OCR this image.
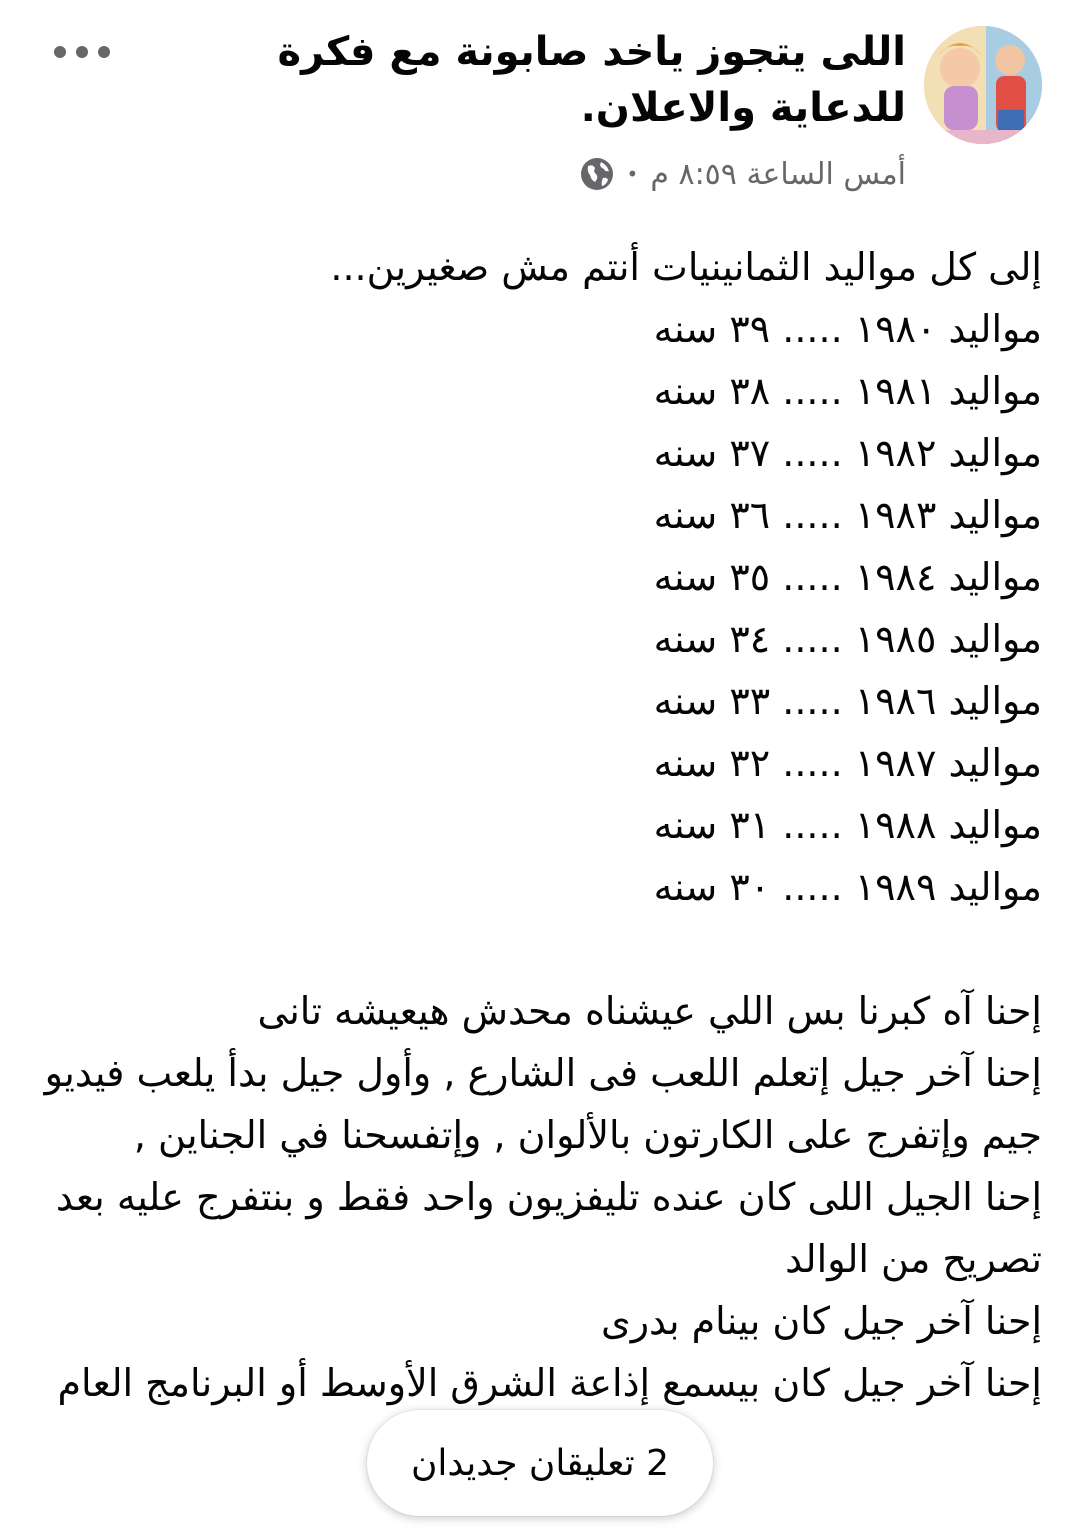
اللى يتجوز ياخد صابونة مع فكرة للدعاية والاعلان.
أمس الساعة ٨:٥٩ م
•
إلى كل مواليد الثمانينيات أنتم مش صغيرين...
مواليد ١٩٨٠ ..... ٣٩ سنه
مواليد ١٩٨١ ..... ٣٨ سنه
مواليد ١٩٨٢ ..... ٣٧ سنه
مواليد ١٩٨٣ ..... ٣٦ سنه
مواليد ١٩٨٤ ..... ٣٥ سنه
مواليد ١٩٨٥ ..... ٣٤ سنه
مواليد ١٩٨٦ ..... ٣٣ سنه
مواليد ١٩٨٧ ..... ٣٢ سنه
مواليد ١٩٨٨ ..... ٣١ سنه
مواليد ١٩٨٩ ..... ٣٠ سنه
إحنا آه كبرنا بس اللي عيشناه محدش هيعيشه تانى
إحنا آخر جيل إتعلم اللعب فى الشارع , وأول جيل بدأ يلعب فيديو جيم وإتفرج على الكارتون بالألوان , وإتفسحنا في الجناين ,
إحنا الجيل اللى كان عنده تليفزيون واحد فقط و بنتفرج عليه بعد تصريح من الوالد
إحنا آخر جيل كان بينام بدرى
إحنا آخر جيل كان بيسمع إذاعة الشرق الأوسط أو البرنامج العام
2 تعليقان جديدان
